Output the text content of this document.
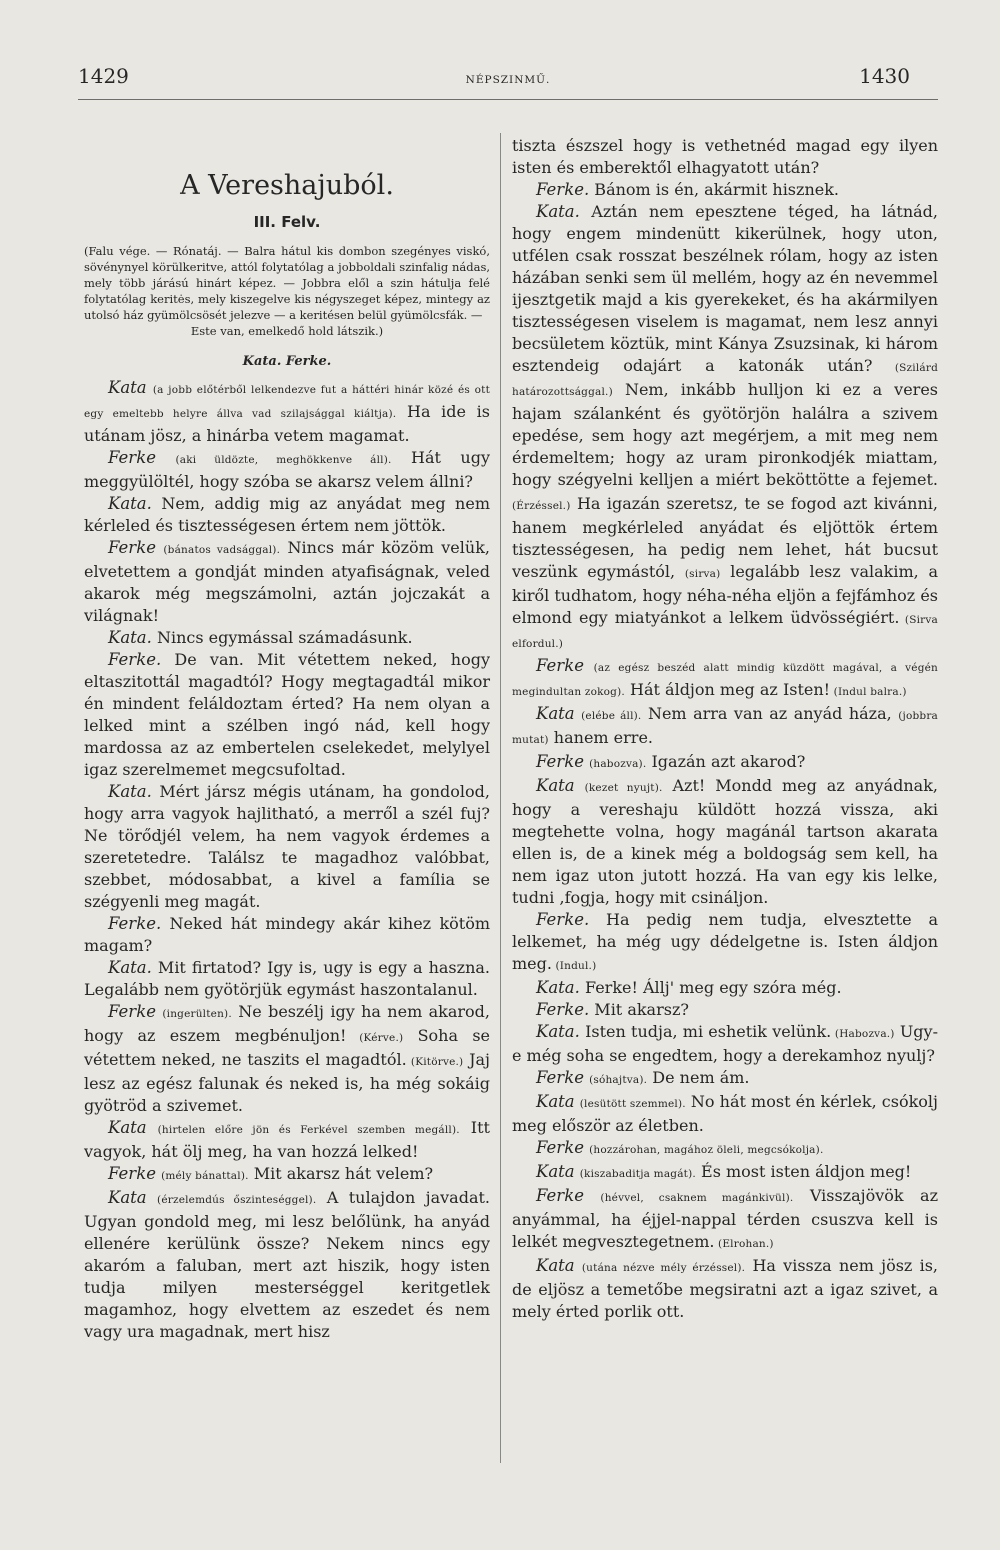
1429	NÉPSZINMŰ.	1430
A Vereshajuból.
III. Felv.

(Falu vége. — Rónatáj. — Balra hátul kis dombon szegényes viskó, sövénynyel körülkeritve, attól folytatólag a jobboldali szinfalig nádas, mely több járású hinárt képez. — Jobbra elől a szin hátulja felé folytatólag keritės, mely kiszegelve kis négyszeget képez, mintegy az utolsó ház gyümölcsösét jelezve — a keritésen belül gyümölcsfák. —

Este van, emelkedő hold látszik.)
Kata. Ferke.

Kata (a jobb előtérből lelkendezve fut a háttéri hinár közé és ott egy emeltebb helyre állva vad szilajsággal kiáltja). Ha ide is utánam jösz, a hinárba vetem magamat.

Ferke (aki üldözte, meghökkenve áll). Hát ugy meggyülöltél, hogy szóba se akarsz velem állni?

Kata. Nem, addig mig az anyádat meg nem kérleled és tisztességesen értem nem jöttök.

Ferke (bánatos vadsággal). Nincs már közöm velük, elvetettem a gondját minden atyafiságnak, veled akarok még megszámolni, aztán jojczakát a világnak!

Kata. Nincs egymással számadásunk.

Ferke. De van. Mit vétettem neked, hogy eltaszitottál magadtól? Hogy megtagadtál mikor én mindent feláldoztam érted? Ha nem olyan a lelked mint a szélben ingó nád, kell hogy mardossa az az embertelen cselekedet, melylyel igaz szerelmemet megcsufoltad.

Kata. Mért jársz mégis utánam, ha gondolod, hogy arra vagyok hajlitható, a merről a szél fuj? Ne törődjél velem, ha nem vagyok érdemes a szeretetedre. Találsz te magadhoz valóbbat, szebbet, módosabbat, a kivel a família se szégyenli meg magát.

Ferke. Neked hát mindegy akár kihez kötöm magam?

Kata. Mit firtatod? Igy is, ugy is egy a haszna. Legalább nem gyötörjük egymást haszontalanul.

Ferke (ingerülten). Ne beszélj igy ha nem akarod, hogy az eszem megbénuljon! (Kérve.) Soha se vétettem neked, ne taszits el magadtól. (Kitörve.) Jaj lesz az egész falunak és neked is, ha még sokáig gyötröd a szivemet.

Kata (hirtelen előre jön és Ferkével szemben megáll). Itt vagyok, hát ölj meg, ha van hozzá lelked!

Ferke (mély bánattal). Mit akarsz hát velem?

Kata (érzelemdús őszinteséggel). A tulajdon javadat. Ugyan gondold meg, mi lesz belőlünk, ha anyád ellenére kerülünk össze? Nekem nincs egy akaróm a faluban, mert azt hiszik, hogy isten tudja milyen mesterséggel keritgetlek magamhoz, hogy elvettem az eszedet és nem vagy ura magadnak, mert hisz

tiszta észszel hogy is vethetnéd magad egy ilyen isten és emberektől elhagyatott után?

Ferke. Bánom is én, akármit hisznek.

Kata. Aztán nem epesztene téged, ha látnád, hogy engem mindenütt kikerülnek, hogy uton, utfélen csak rosszat beszélnek rólam, hogy az isten házában senki sem ül mellém, hogy az én nevemmel ijesztgetik majd a kis gyerekeket, és ha akármilyen tisztességesen viselem is magamat, nem lesz annyi becsületem köztük, mint Kánya Zsuzsinak, ki három esztendeig odajárt a katonák után? (Szilárd határozottsággal.) Nem, inkább hulljon ki ez a veres hajam szálanként és gyötörjön halálra a szivem epedése, sem hogy azt megérjem, a mit meg nem érdemeltem; hogy az uram pironkodjék miattam, hogy szégyelni kelljen a miért beköttötte a fejemet. (Érzéssel.) Ha igazán szeretsz, te se fogod azt kivánni, hanem megkérleled anyádat és eljöttök értem tisztességesen, ha pedig nem lehet, hát bucsut veszünk egymástól, (sirva) legalább lesz valakim, a kiről tudhatom, hogy néha-néha eljön a fejfámhoz és elmond egy miatyánkot a lelkem üdvösségiért. (Sirva elfordul.)

Ferke (az egész beszéd alatt mindig küzdött magával, a végén megindultan zokog). Hát áldjon meg az Isten! (Indul balra.)

Kata (elébe áll). Nem arra van az anyád háza, (jobbra mutat) hanem erre.

Ferke (habozva). Igazán azt akarod?

Kata (kezet nyujt). Azt! Mondd meg az anyádnak, hogy a vereshaju küldött hozzá vissza, aki megtehette volna, hogy magánál tartson akarata ellen is, de a kinek még a boldogság sem kell, ha nem igaz uton jutott hozzá. Ha van egy kis lelke, tudni ,fogja, hogy mit csináljon.

Ferke. Ha pedig nem tudja, elvesztette a lelkemet, ha még ugy dédelgetne is. Isten áldjon meg. (Indul.)

Kata. Ferke! Állj' meg egy szóra még.

Ferke. Mit akarsz?

Kata. Isten tudja, mi eshetik velünk. (Habozva.) Ugy-e még soha se engedtem, hogy a derekamhoz nyulj?

Ferke (sóhajtva). De nem ám.

Kata (lesütött szemmel). No hát most én kérlek, csókolj meg először az életben.

Ferke (hozzárohan, magához öleli, megcsókolja).

Kata (kiszabaditja magát). És most isten áldjon meg!

Ferke (hévvel, csaknem magánkivül). Visszajövök az anyámmal, ha éjjel-nappal térden csuszva kell is lelkét megvesztegetnem. (Elrohan.)

Kata (utána nézve mély érzéssel). Ha vissza nem jösz is, de eljösz a temetőbe megsiratni azt a igaz szivet, a mely érted porlik ott.
